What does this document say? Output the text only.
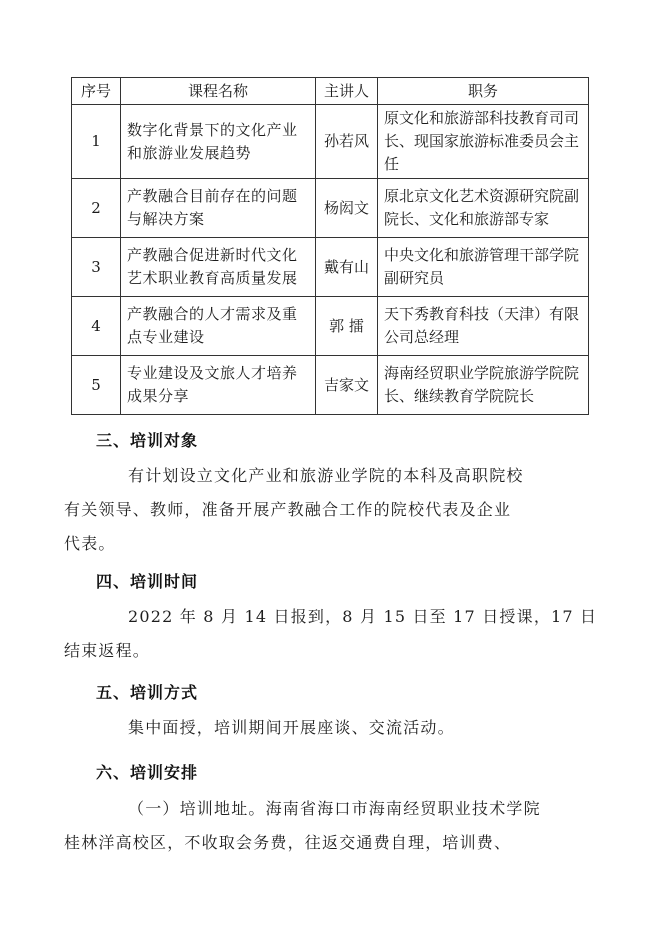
序号	课程名称	主讲人	职务
1	数字化背景下的文化产业和旅游业发展趋势	孙若风	原文化和旅游部科技教育司司长、现国家旅游标准委员会主任
2	产教融合目前存在的问题与解决方案	杨闳文	原北京文化艺术资源研究院副院长、文化和旅游部专家
3	产教融合促进新时代文化艺术职业教育高质量发展	戴有山	中央文化和旅游管理干部学院副研究员
4	产教融合的人才需求及重点专业建设	郭 擂	天下秀教育科技（天津）有限公司总经理
5	专业建设及文旅人才培养成果分享	吉家文	海南经贸职业学院旅游学院院长、继续教育学院院长
三、培训对象
有计划设立文化产业和旅游业学院的本科及高职院校
有关领导、教师，准备开展产教融合工作的院校代表及企业
代表。
四、培训时间
2022 年 8 月 14 日报到，8 月 15 日至 17 日授课，17 日
结束返程。
五、培训方式
集中面授，培训期间开展座谈、交流活动。
六、培训安排
（一）培训地址。海南省海口市海南经贸职业技术学院
桂林洋高校区，不收取会务费，往返交通费自理，培训费、
